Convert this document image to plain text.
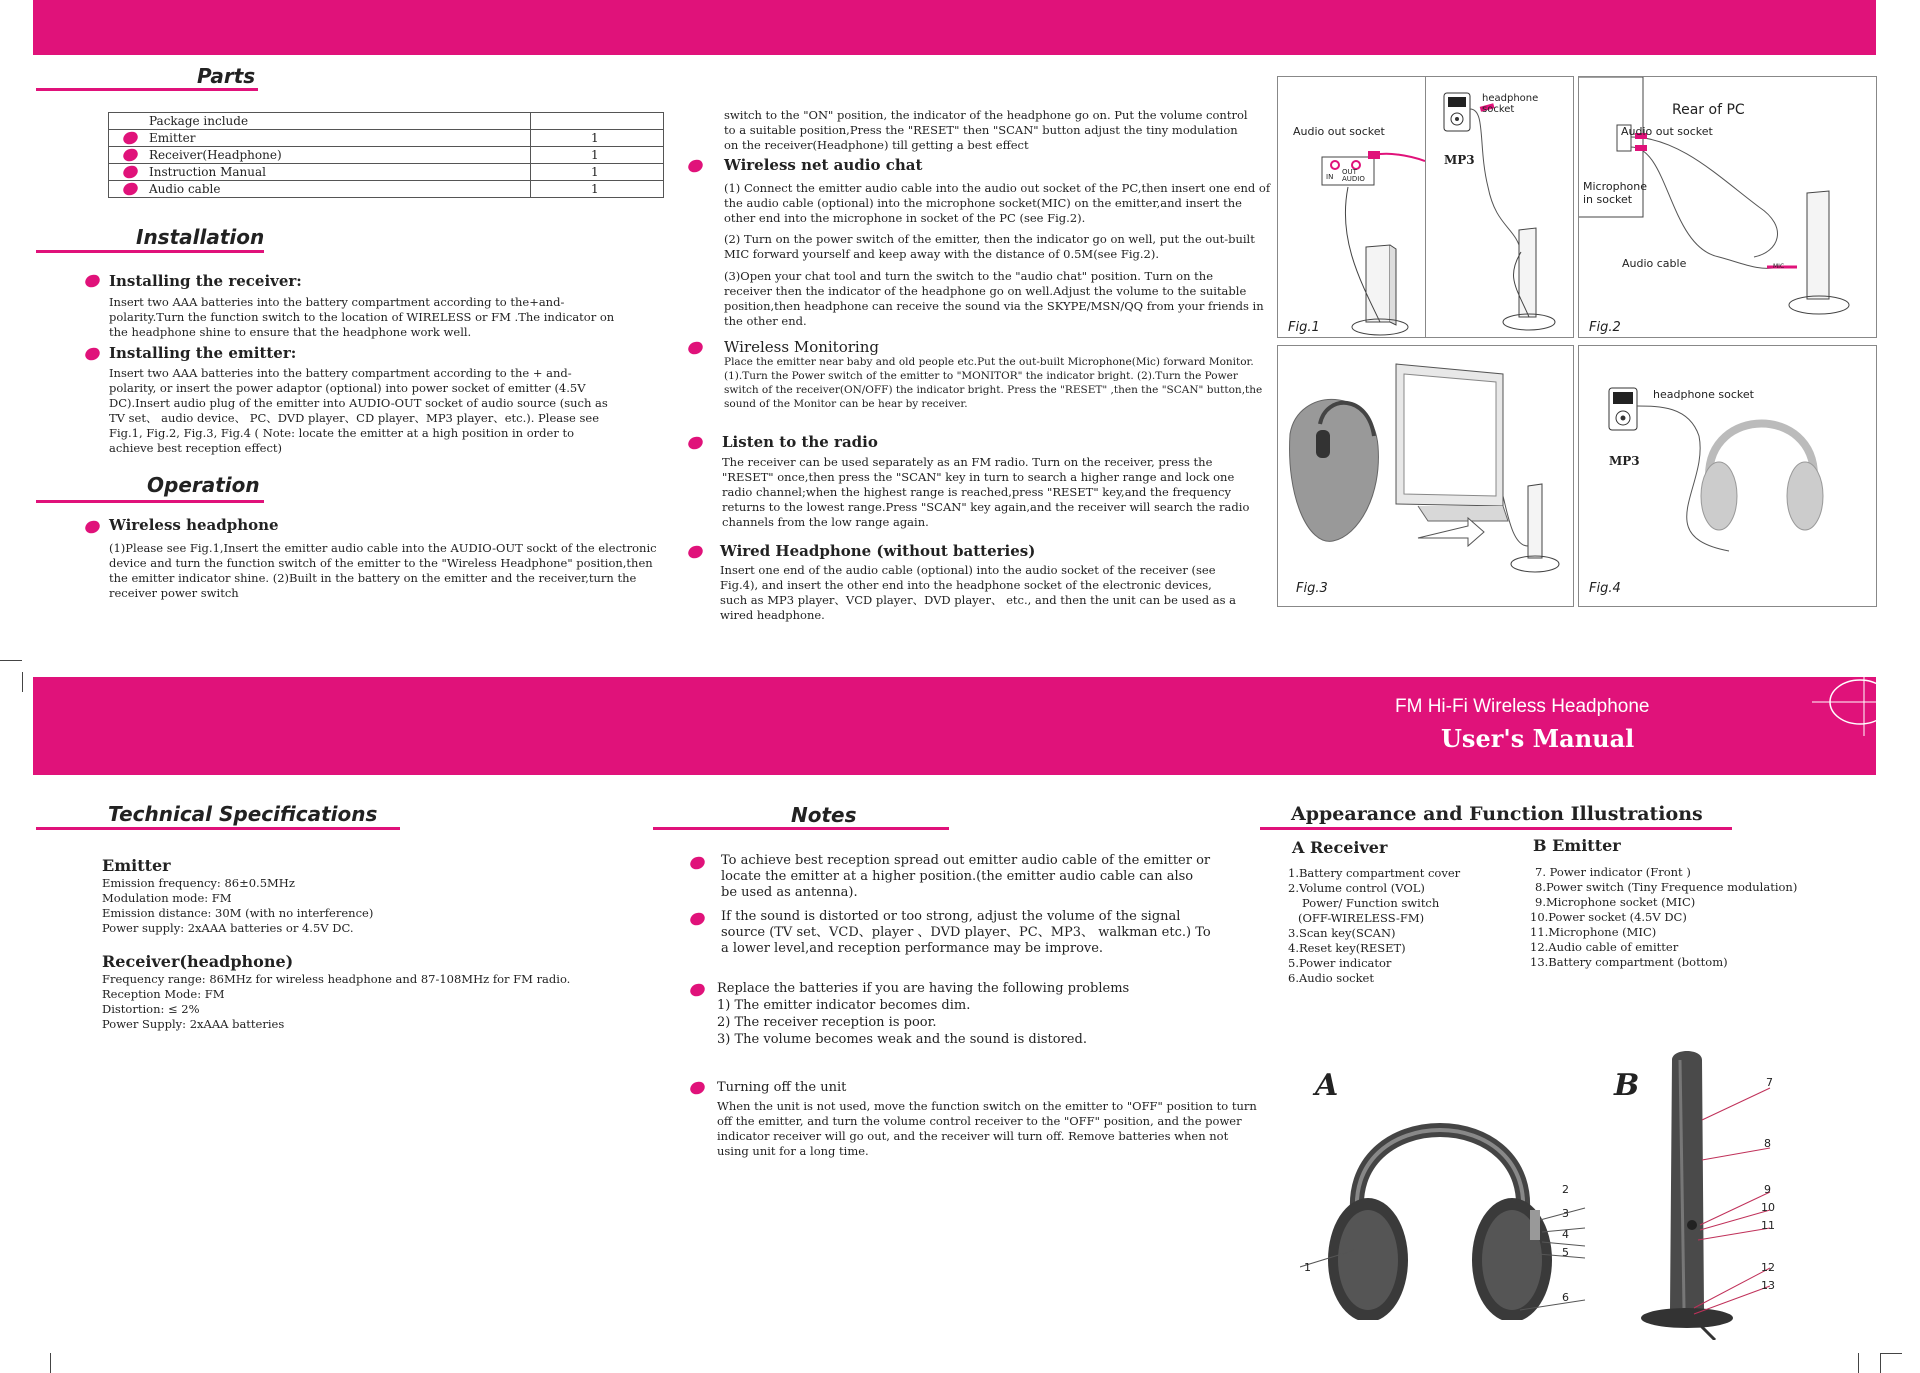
Parts
Package include	

Emitter	1

Receiver(Headphone)	1

Instruction Manual	1

Audio cable	1
Installation
Installing the receiver:
Insert two AAA batteries into the battery compartment according to the+and- polarity.Turn the function switch to the location of WIRELESS or FM .The indicator on the headphone shine to ensure that the headphone work well.
Installing the emitter:
Insert two AAA batteries into the battery compartment according to the + and- polarity, or insert the power adaptor (optional) into power socket of emitter (4.5V DC).Insert audio plug of the emitter into AUDIO-OUT socket of audio source (such as TV set、 audio device、 PC、DVD player、CD player、MP3 player、etc.). Please see Fig.1, Fig.2, Fig.3, Fig.4 ( Note: locate the emitter at a high position in order to achieve best reception effect)
Operation
Wireless headphone
(1)Please see Fig.1,Insert the emitter audio cable into the AUDIO-OUT sockt of the electronic device and turn the function switch of the emitter to the "Wireless Headphone" position,then the emitter indicator shine. (2)Built in the battery on the emitter and the receiver,turn the receiver power switch
switch to the "ON" position, the indicator of the headphone go on. Put the volume control to a suitable position,Press the "RESET" then "SCAN" button adjust the tiny modulation on the receiver(Headphone) till getting a best effect
Wireless net audio chat
(1) Connect the emitter audio cable into the audio out socket of the PC,then insert one end of the audio cable (optional) into the microphone socket(MIC) on the emitter,and insert the other end into the microphone in socket of the PC (see Fig.2).
(2) Turn on the power switch of the emitter, then the indicator go on well, put the out-built MIC forward yourself and keep away with the distance of 0.5M(see Fig.2).
(3)Open your chat tool and turn the switch to the "audio chat" position. Turn on the receiver then the indicator of the headphone go on well.Adjust the volume to the suitable position,then headphone can receive the sound via the SKYPE/MSN/QQ from your friends in the other end.
Wireless Monitoring
Place the emitter near baby and old people etc.Put the out-built Microphone(Mic) forward Monitor. (1).Turn the Power switch of the emitter to "MONITOR" the indicator bright. (2).Turn the Power switch of the receiver(ON/OFF) the indicator bright. Press the "RESET" ,then the "SCAN" button,the sound of the Monitor can be hear by receiver.
Listen to the radio
The receiver can be used separately as an FM radio. Turn on the receiver, press the "RESET" once,then press the "SCAN" key in turn to search a higher range and lock one radio channel;when the highest range is reached,press "RESET" key,and the frequency returns to the lowest range.Press "SCAN" key again,and the receiver will search the radio channels from the low range again.
Wired Headphone (without batteries)
Insert one end of the audio cable (optional) into the audio socket of the receiver (see Fig.4), and insert the other end into the headphone socket of the electronic devices, such as MP3 player、VCD player、DVD player、 etc., and then the unit can be used as a wired headphone.
Audio out socket
IN
OUT AUDIO
Fig.1
headphone socket
MP3
Rear of PC
Audio out socket
Microphone in socket
Audio cable	MIC
Fig.2
Fig.3
headphone socket
MP3
Fig.4
FM Hi-Fi Wireless Headphone
User's Manual
Technical Specifications
Emitter
Emission frequency: 86±0.5MHz
Modulation mode: FM
Emission distance: 30M (with no interference)
Power supply: 2xAAA batteries or 4.5V DC.
Receiver(headphone)
Frequency range: 86MHz for wireless headphone and 87-108MHz for FM radio.
Reception Mode: FM
Distortion: ≤ 2%
Power Supply: 2xAAA batteries
Notes
To achieve best reception spread out emitter audio cable of the emitter or locate the emitter at a higher position.(the emitter audio cable can also be used as antenna).
If the sound is distorted or too strong, adjust the volume of the signal source (TV set、VCD、player 、DVD player、PC、MP3、 walkman etc.) To a lower level,and reception performance may be improve.
Replace the batteries if you are having the following problems
1) The emitter indicator becomes dim.
2) The receiver reception is poor.
3) The volume becomes weak and the sound is distored.
Turning off the unit
When the unit is not used, move the function switch on the emitter to "OFF" position to turn off the emitter, and turn the volume control receiver to the "OFF" position, and the power indicator receiver will go out, and the receiver will turn off. Remove batteries when not using unit for a long time.
Appearance and Function Illustrations
A Receiver
1.Battery compartment cover
2.Volume control (VOL)
Power/ Function switch
(OFF-WIRELESS-FM)
3.Scan key(SCAN)
4.Reset key(RESET)
5.Power indicator
6.Audio socket
B Emitter
7. Power indicator (Front )
8.Power switch (Tiny Frequence modulation)
9.Microphone socket (MIC)
10.Power socket (4.5V DC)
11.Microphone (MIC)
12.Audio cable of emitter
13.Battery compartment (bottom)
A
1
2
3
4
5
6
B	7
8
9
10
11
12
13
